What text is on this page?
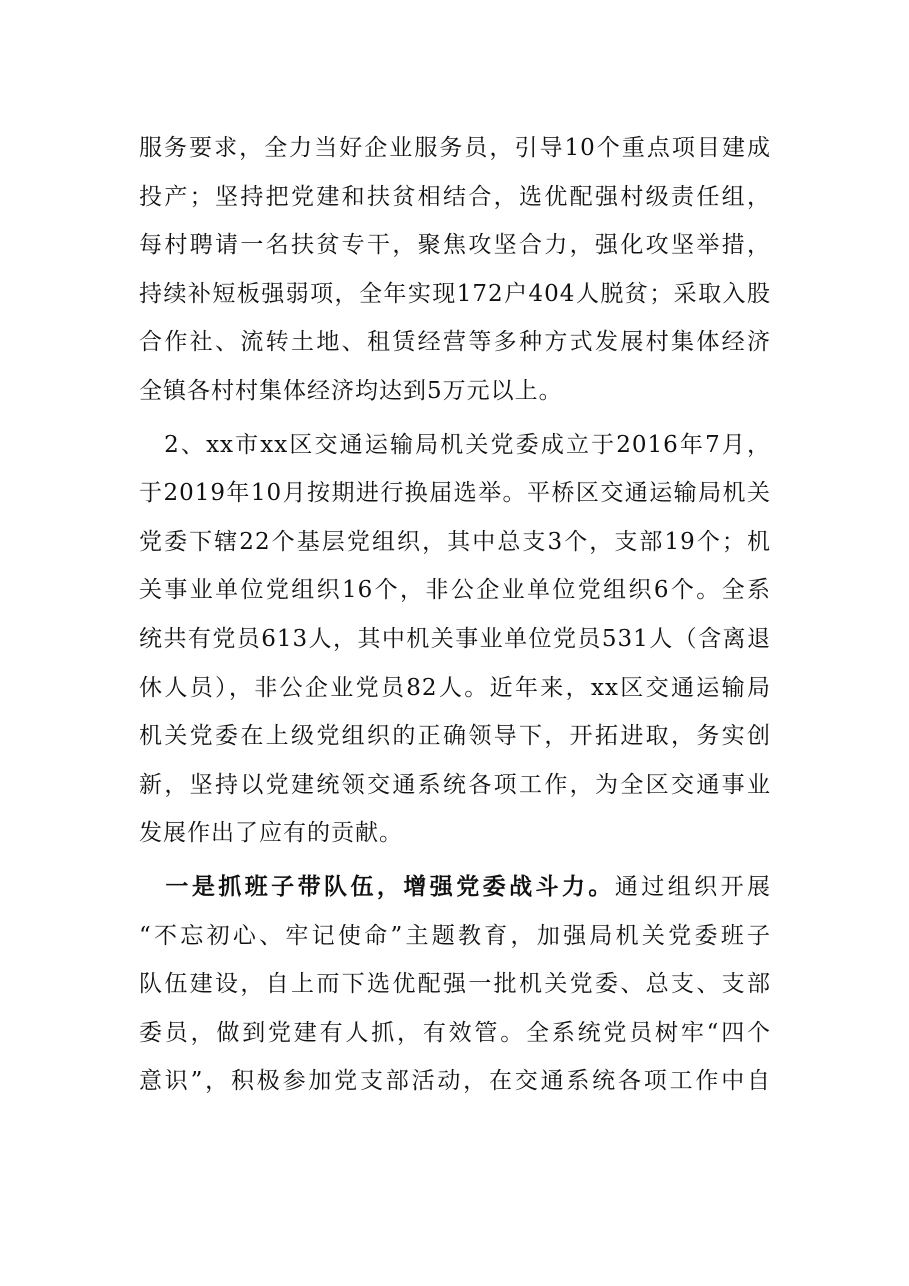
服务要求，全力当好企业服务员，引导10个重点项目建成
投产；坚持把党建和扶贫相结合，选优配强村级责任组，
每村聘请一名扶贫专干，聚焦攻坚合力，强化攻坚举措，
持续补短板强弱项，全年实现172户404人脱贫；采取入股
合作社、流转土地、租赁经营等多种方式发展村集体经济
全镇各村村集体经济均达到5万元以上。
　2、xx市xx区交通运输局机关党委成立于2016年7月，
于2019年10月按期进行换届选举。平桥区交通运输局机关
党委下辖22个基层党组织，其中总支3个，支部19个；机
关事业单位党组织16个，非公企业单位党组织6个。全系
统共有党员613人，其中机关事业单位党员531人（含离退
休人员），非公企业党员82人。近年来，xx区交通运输局
机关党委在上级党组织的正确领导下，开拓进取，务实创
新，坚持以党建统领交通系统各项工作，为全区交通事业
发展作出了应有的贡献。
　一是抓班子带队伍，增强党委战斗力。通过组织开展
“不忘初心、牢记使命”主题教育，加强局机关党委班子
队伍建设，自上而下选优配强一批机关党委、总支、支部
委员，做到党建有人抓，有效管。全系统党员树牢“四个
意识”，积极参加党支部活动，在交通系统各项工作中自
